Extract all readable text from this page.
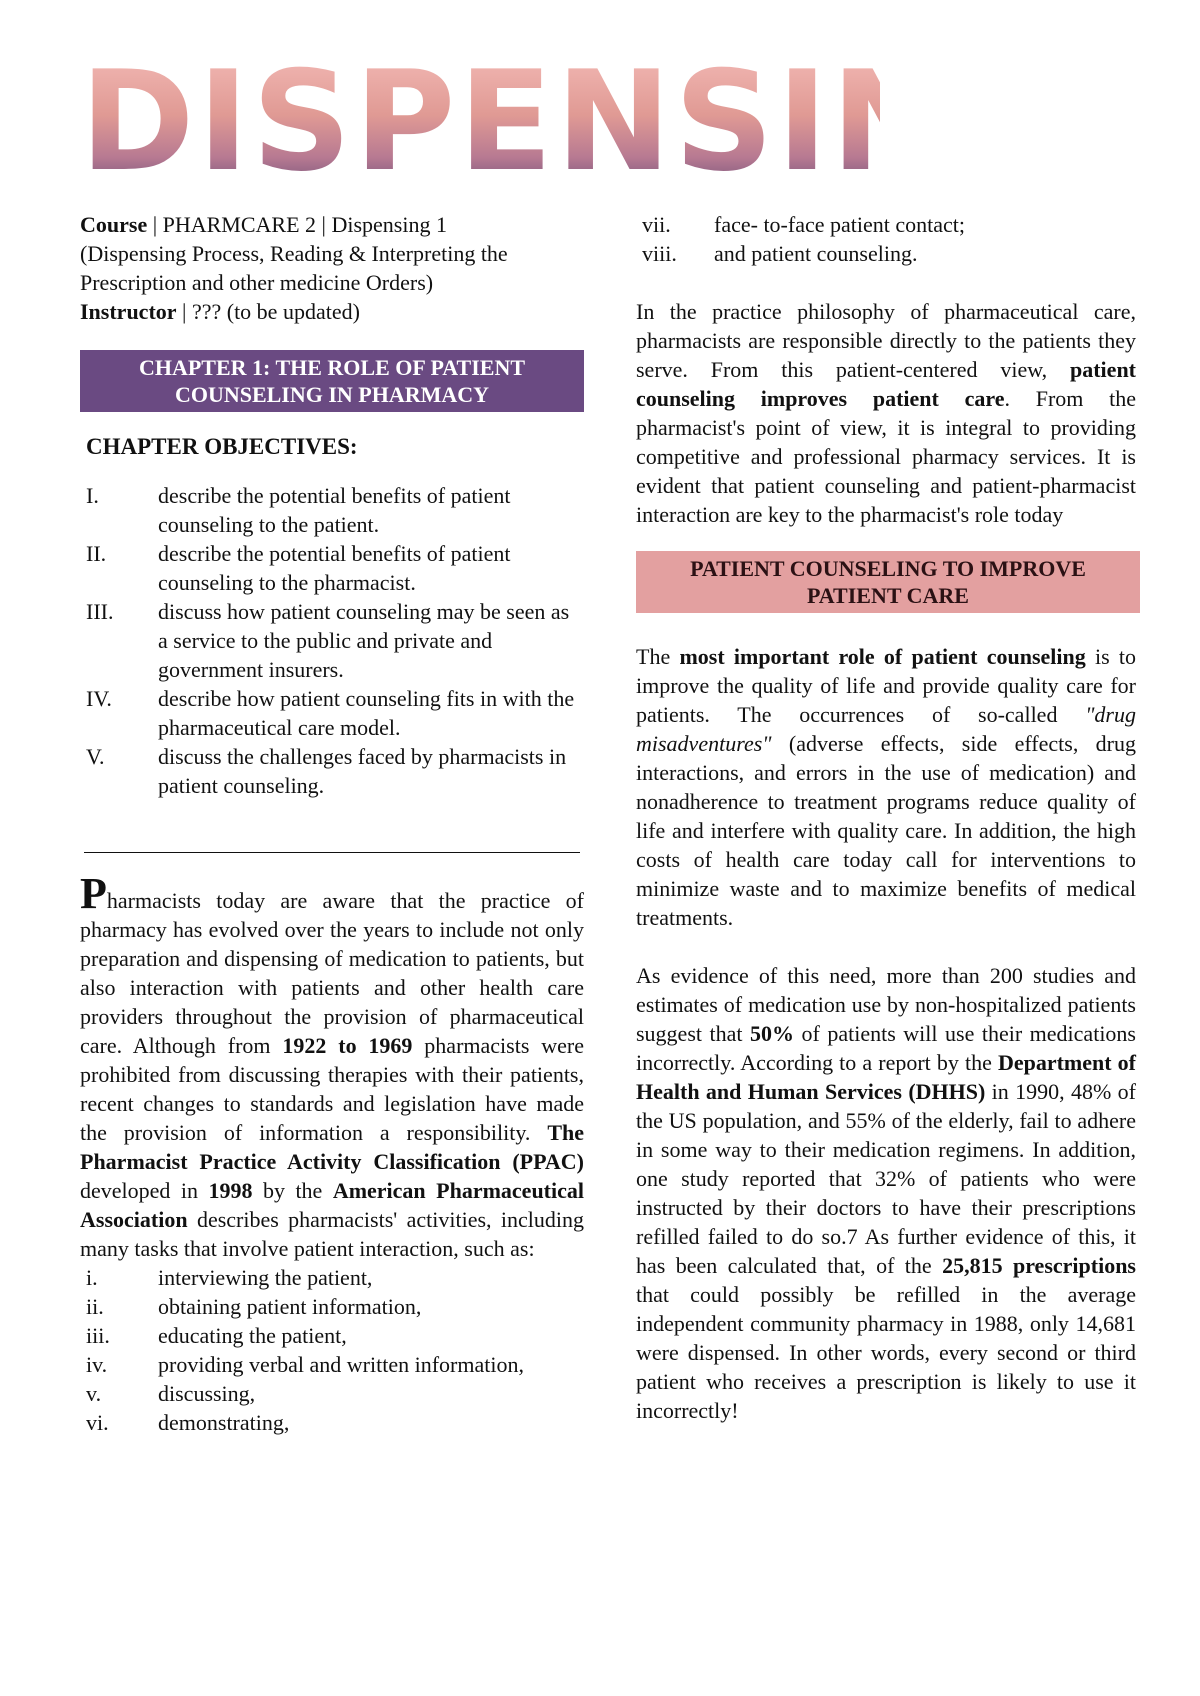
DISPENSING

Course | PHARMCARE 2 | Dispensing 1

(Dispensing Process, Reading & Interpreting the Prescription and other medicine Orders)

Instructor | ??? (to be updated)

CHAPTER 1: THE ROLE OF PATIENT
COUNSELING IN PHARMACY
CHAPTER OBJECTIVES:
I.	describe the potential benefits of patient counseling to the patient.
II.	describe the potential benefits of patient counseling to the pharmacist.
III.	discuss how patient counseling may be seen as a service to the public and private and government insurers.
IV.	describe how patient counseling fits in with the pharmaceutical care model.
V.	discuss the challenges faced by pharmacists in patient counseling.

Pharmacists today are aware that the practice of pharmacy has evolved over the years to include not only preparation and dispensing of medication to patients, but also interaction with patients and other health care providers throughout the provision of pharmaceutical care. Although from 1922 to 1969 pharmacists were prohibited from discussing therapies with their patients, recent changes to standards and legislation have made the provision of information a responsibility. The Pharmacist Practice Activity Classification (PPAC) developed in 1998 by the American Pharmaceutical Association describes pharmacists' activities, including many tasks that involve patient interaction, such as:

i.	interviewing the patient,
ii.	obtaining patient information,
iii.	educating the patient,
iv.	providing verbal and written information,
v.	discussing,
vi.	demonstrating,
vii.	face- to-face patient contact;
viii.	and patient counseling.

In the practice philosophy of pharmaceutical care, pharmacists are responsible directly to the patients they serve. From this patient-centered view, patient counseling improves patient care. From the pharmacist's point of view, it is integral to providing competitive and professional pharmacy services. It is evident that patient counseling and patient-pharmacist interaction are key to the pharmacist's role today

PATIENT COUNSELING TO IMPROVE
PATIENT CARE

The most important role of patient counseling is to improve the quality of life and provide quality care for patients. The occurrences of so-called "drug misadventures" (adverse effects, side effects, drug interactions, and errors in the use of medication) and nonadherence to treatment programs reduce quality of life and interfere with quality care. In addition, the high costs of health care today call for interventions to minimize waste and to maximize benefits of medical treatments.

As evidence of this need, more than 200 studies and estimates of medication use by non-hospitalized patients suggest that 50% of patients will use their medications incorrectly. According to a report by the Department of Health and Human Services (DHHS) in 1990, 48% of the US population, and 55% of the elderly, fail to adhere in some way to their medication regimens. In addition, one study reported that 32% of patients who were instructed by their doctors to have their prescriptions refilled failed to do so.7 As further evidence of this, it has been calculated that, of the 25,815 prescriptions that could possibly be refilled in the average independent community pharmacy in 1988, only 14,681 were dispensed. In other words, every second or third patient who receives a prescription is likely to use it incorrectly!
